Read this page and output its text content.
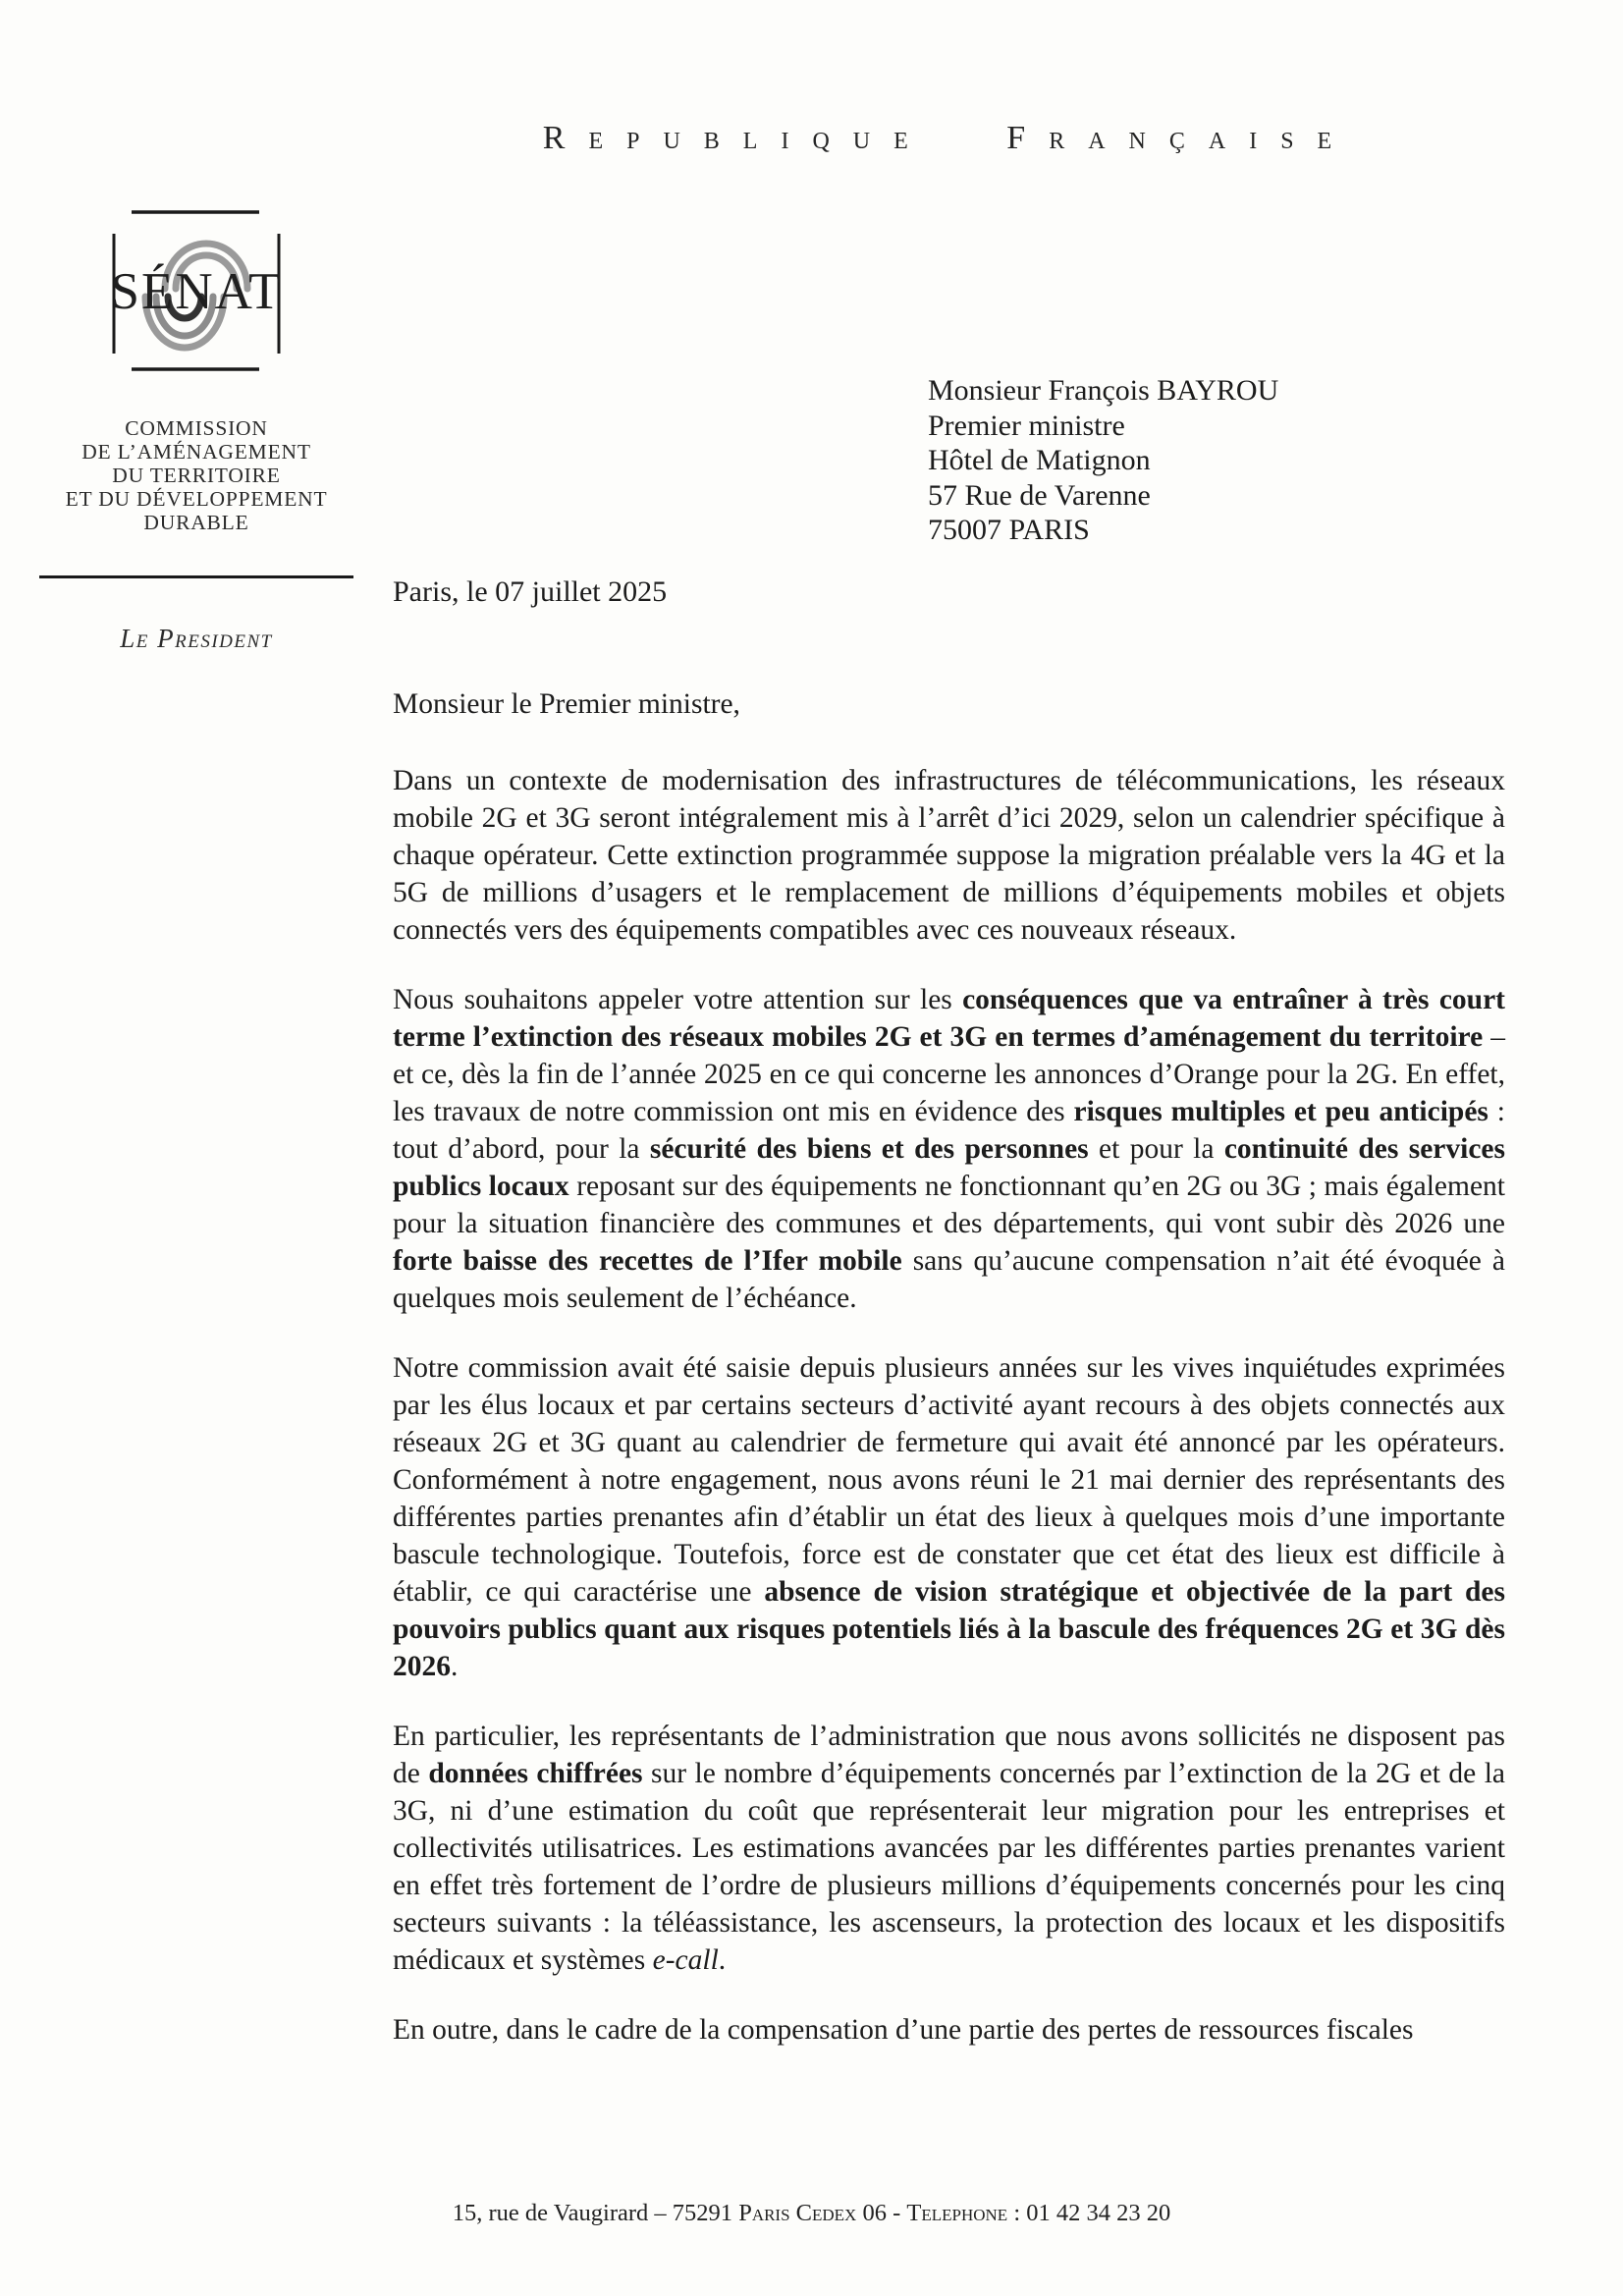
Republique Française
SÉNAT
COMMISSION
DE L’AMÉNAGEMENT
DU TERRITOIRE
ET DU DÉVELOPPEMENT
DURABLE
Le President
Monsieur François BAYROU
Premier ministre
Hôtel de Matignon
57 Rue de Varenne
75007 PARIS
Paris, le 07 juillet 2025

Monsieur le Premier ministre,

Dans un contexte de modernisation des infrastructures de télécommunications, les réseaux mobile 2G et 3G seront intégralement mis à l’arrêt d’ici 2029, selon un calendrier spécifique à chaque opérateur. Cette extinction programmée suppose la migration préalable vers la 4G et la 5G de millions d’usagers et le remplacement de millions d’équipements mobiles et objets connectés vers des équipements compatibles avec ces nouveaux réseaux.

Nous souhaitons appeler votre attention sur les conséquences que va entraîner à très court terme l’extinction des réseaux mobiles 2G et 3G en termes d’aménagement du territoire – et ce, dès la fin de l’année 2025 en ce qui concerne les annonces d’Orange pour la 2G. En effet, les travaux de notre commission ont mis en évidence des risques multiples et peu anticipés : tout d’abord, pour la sécurité des biens et des personnes et pour la continuité des services publics locaux reposant sur des équipements ne fonctionnant qu’en 2G ou 3G ; mais également pour la situation financière des communes et des départements, qui vont subir dès 2026 une forte baisse des recettes de l’Ifer mobile sans qu’aucune compensation n’ait été évoquée à quelques mois seulement de l’échéance.

Notre commission avait été saisie depuis plusieurs années sur les vives inquiétudes exprimées par les élus locaux et par certains secteurs d’activité ayant recours à des objets connectés aux réseaux 2G et 3G quant au calendrier de fermeture qui avait été annoncé par les opérateurs. Conformément à notre engagement, nous avons réuni le 21 mai dernier des représentants des différentes parties prenantes afin d’établir un état des lieux à quelques mois d’une importante bascule technologique. Toutefois, force est de constater que cet état des lieux est difficile à établir, ce qui caractérise une absence de vision stratégique et objectivée de la part des pouvoirs publics quant aux risques potentiels liés à la bascule des fréquences 2G et 3G dès 2026.

En particulier, les représentants de l’administration que nous avons sollicités ne disposent pas de données chiffrées sur le nombre d’équipements concernés par l’extinction de la 2G et de la 3G, ni d’une estimation du coût que représenterait leur migration pour les entreprises et collectivités utilisatrices. Les estimations avancées par les différentes parties prenantes varient en effet très fortement de l’ordre de plusieurs millions d’équipements concernés pour les cinq secteurs suivants : la téléassistance, les ascenseurs, la protection des locaux et les dispositifs médicaux et systèmes e-call.

En outre, dans le cadre de la compensation d’une partie des pertes de ressources fiscales

15, rue de Vaugirard – 75291 Paris Cedex 06 - Telephone : 01 42 34 23 20
